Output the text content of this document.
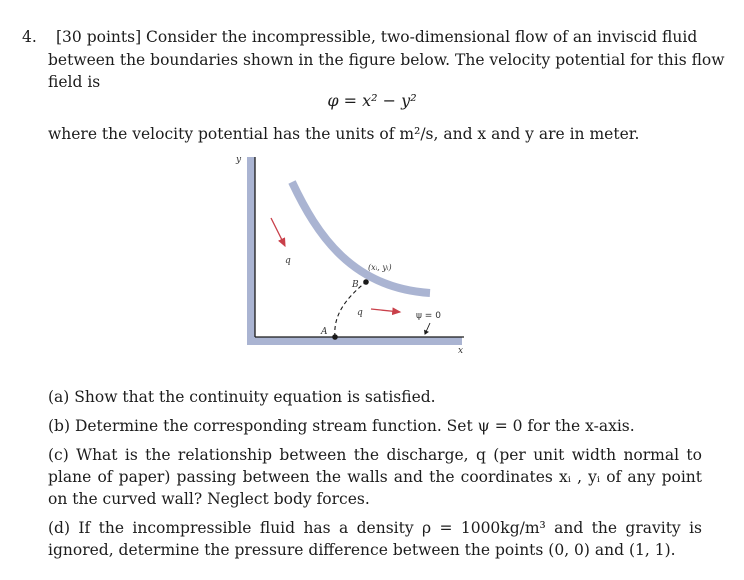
4. [30 points] Consider the incompressible, two-dimensional flow of an inviscid fluid
between the boundaries shown in the figure below. The velocity potential for this flow
field is
φ = x² − y²
where the velocity potential has the units of m²/s, and x and y are in meter.
y
x
q
q
(xᵢ, yᵢ)
B
A
ψ = 0
(a) Show that the continuity equation is satisfied.
(b) Determine the corresponding stream function. Set ψ = 0 for the x-axis.
(c) What is the relationship between the discharge, q (per unit width normal to plane of paper) passing between the walls and the coordinates xᵢ , yᵢ of any point on the curved wall? Neglect body forces.
(d) If the incompressible fluid has a density ρ = 1000kg/m³ and the gravity is ignored, determine the pressure difference between the points (0, 0) and (1, 1).
